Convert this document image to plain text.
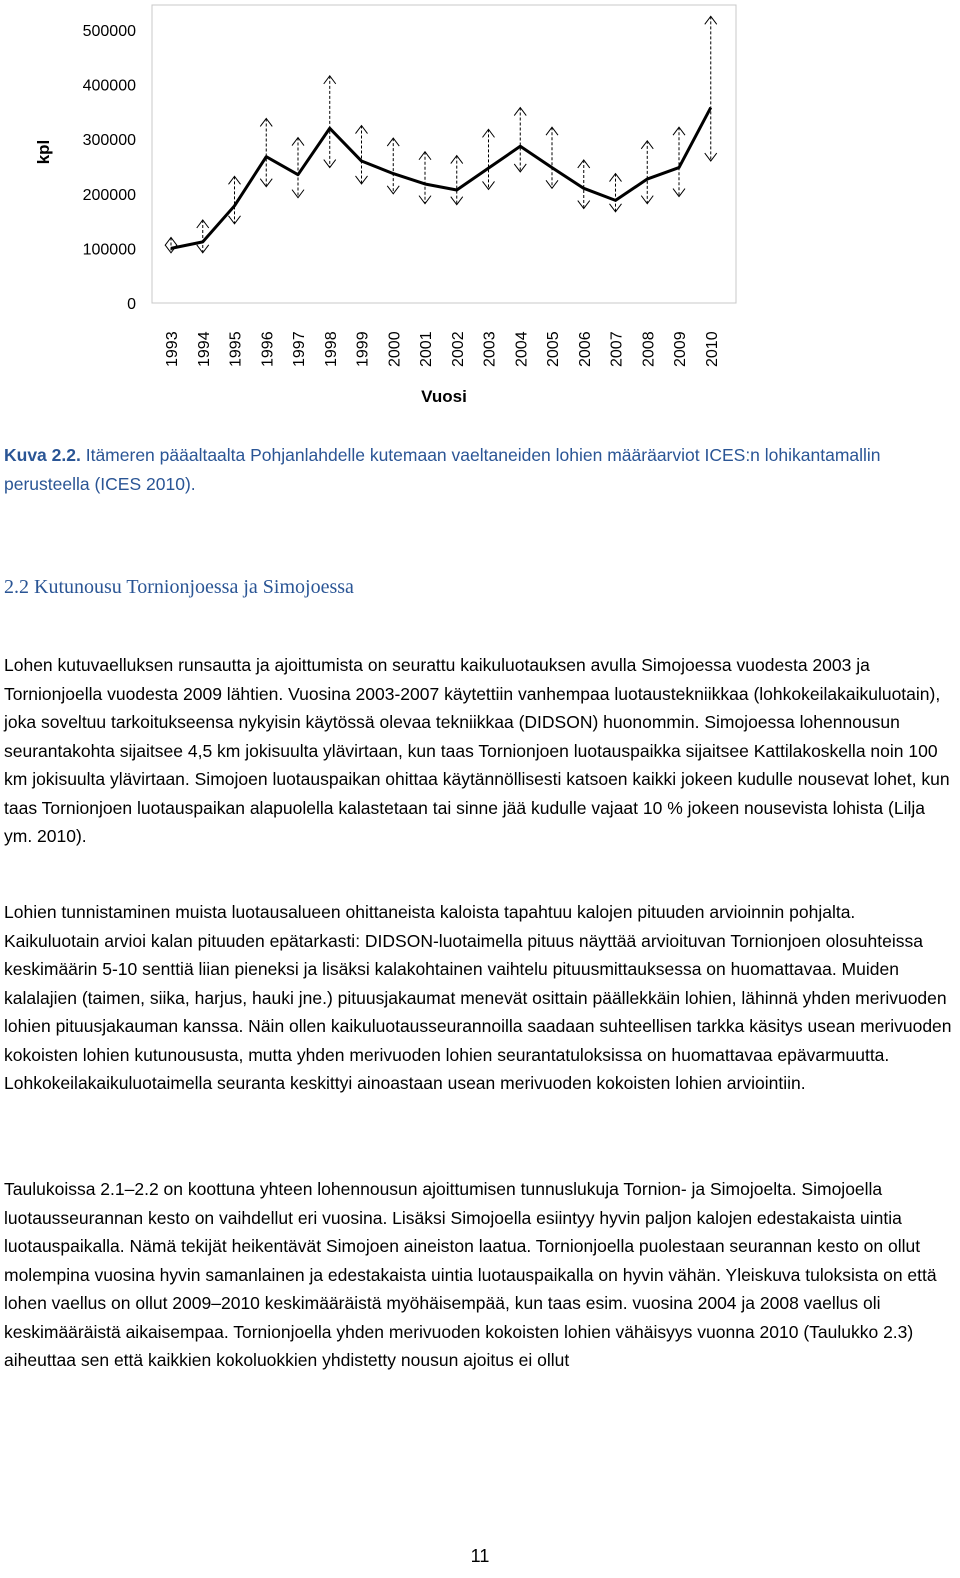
0
100000
200000
300000
400000
500000
1993 1994 1995 1996 1997 1998 1999 2000 2001 2002 2003 2004 2005 2006 2007 2008 2009 2010
kpl
Vuosi
Kuva 2.2. Itämeren pääaltaalta Pohjanlahdelle kutemaan vaeltaneiden lohien määräarviot ICES:n lohikantamallin perusteella (ICES 2010).
2.2 Kutunousu Tornionjoessa ja Simojoessa

Lohen kutuvaelluksen runsautta ja ajoittumista on seurattu kaikuluotauksen avulla Simojoessa vuodesta 2003 ja Tornionjoella vuodesta 2009 lähtien. Vuosina 2003-2007 käytettiin vanhempaa luotaustekniikkaa (lohkokeilakaikuluotain), joka soveltuu tarkoitukseensa nykyisin käytössä olevaa tekniikkaa (DIDSON) huonommin. Simojoessa lohennousun seurantakohta sijaitsee 4,5 km jokisuulta ylävirtaan, kun taas Tornionjoen luotauspaikka sijaitsee Kattilakoskella noin 100 km jokisuulta ylävirtaan. Simojoen luotauspaikan ohittaa käytännöllisesti katsoen kaikki jokeen kudulle nousevat lohet, kun taas Tornionjoen luotauspaikan alapuolella kalastetaan tai sinne jää kudulle vajaat 10 % jokeen nousevista lohista (Lilja ym. 2010).

Lohien tunnistaminen muista luotausalueen ohittaneista kaloista tapahtuu kalojen pituuden arvioinnin pohjalta. Kaikuluotain arvioi kalan pituuden epätarkasti: DIDSON-luotaimella pituus näyttää arvioituvan Tornionjoen olosuhteissa keskimäärin 5-10 senttiä liian pieneksi ja lisäksi kalakohtainen vaihtelu pituusmittauksessa on huomattavaa. Muiden kalalajien (taimen, siika, harjus, hauki jne.) pituusjakaumat menevät osittain päällekkäin lohien, lähinnä yhden merivuoden lohien pituusjakauman kanssa. Näin ollen kaikuluotausseurannoilla saadaan suhteellisen tarkka käsitys usean merivuoden kokoisten lohien kutunoususta, mutta yhden merivuoden lohien seurantatuloksissa on huomattavaa epävarmuutta. Lohkokeilakaikuluotaimella seuranta keskittyi ainoastaan usean merivuoden kokoisten lohien arviointiin.

Taulukoissa 2.1–2.2 on koottuna yhteen lohennousun ajoittumisen tunnuslukuja Tornion- ja Simojoelta. Simojoella luotausseurannan kesto on vaihdellut eri vuosina. Lisäksi Simojoella esiintyy hyvin paljon kalojen edestakaista uintia luotauspaikalla. Nämä tekijät heikentävät Simojoen aineiston laatua. Tornionjoella puolestaan seurannan kesto on ollut molempina vuosina hyvin samanlainen ja edestakaista uintia luotauspaikalla on hyvin vähän. Yleiskuva tuloksista on että lohen vaellus on ollut 2009–2010 keskimääräistä myöhäisempää, kun taas esim. vuosina 2004 ja 2008 vaellus oli keskimääräistä aikaisempaa. Tornionjoella yhden merivuoden kokoisten lohien vähäisyys vuonna 2010 (Taulukko 2.3) aiheuttaa sen että kaikkien kokoluokkien yhdistetty nousun ajoitus ei ollut

11
